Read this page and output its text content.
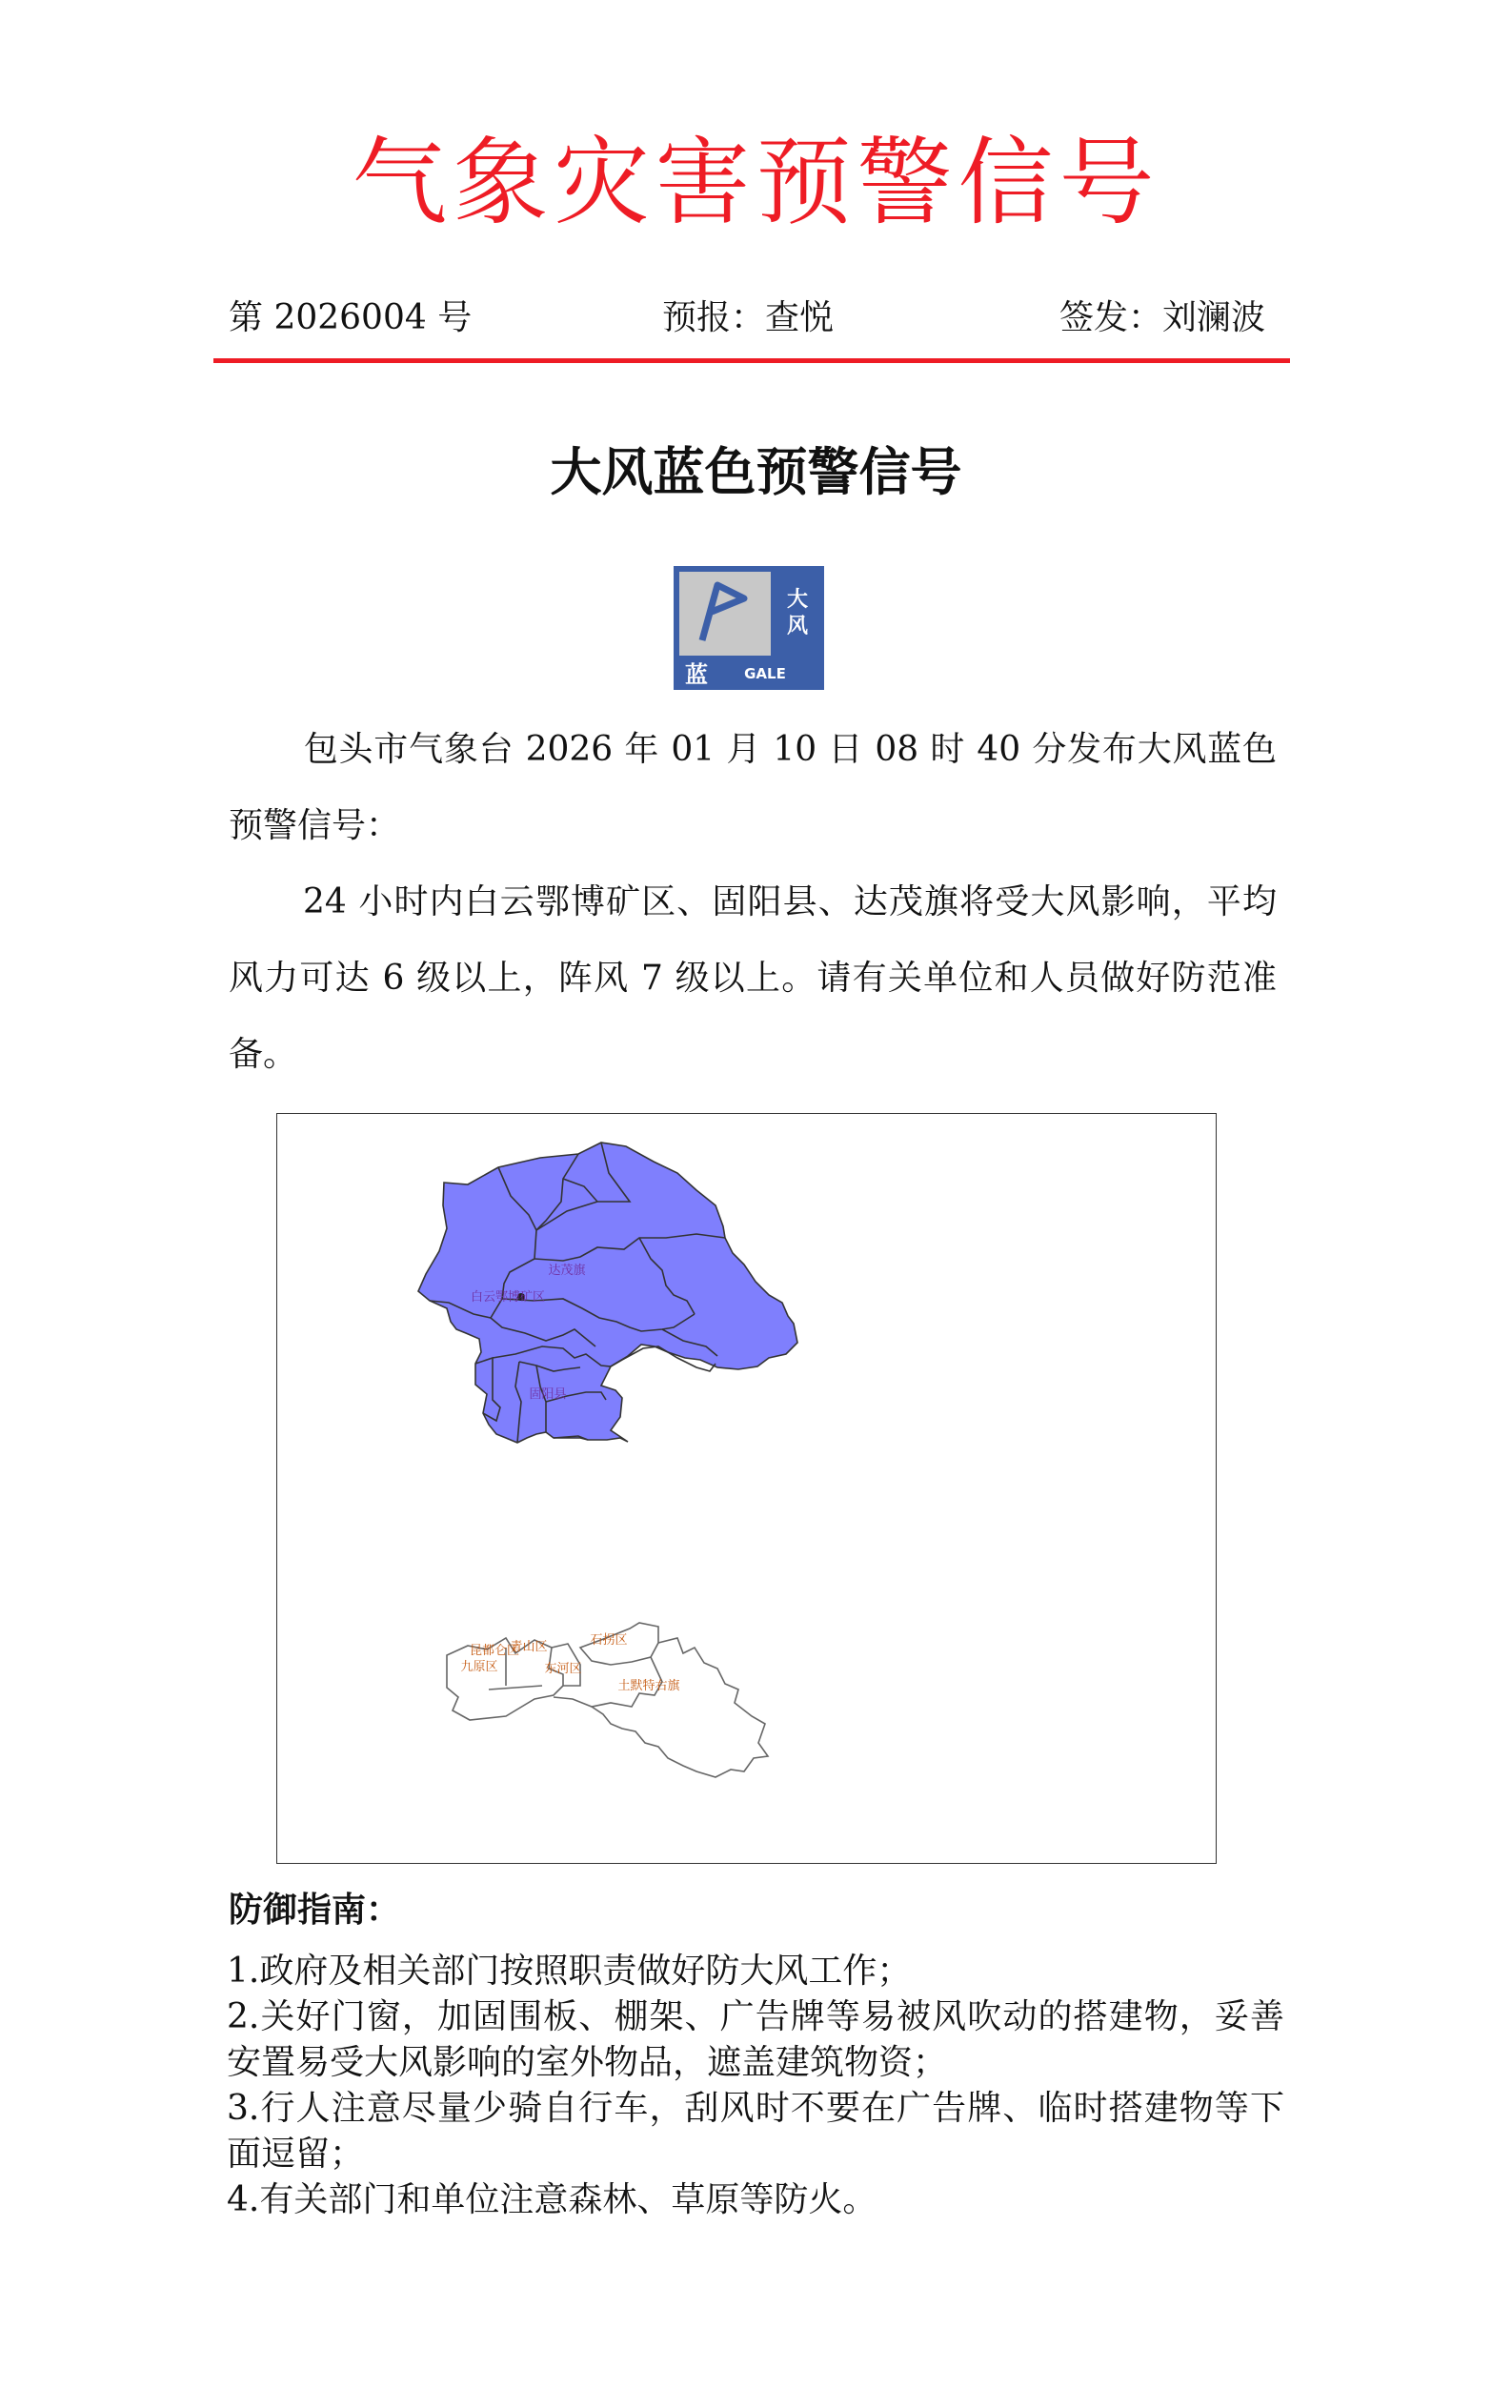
气象灾害预警信号
第 2026004 号	预报：查悦	签发：刘澜波
大风蓝色预警信号
大
风
蓝	GALE
包头市气象台 2026 年 01 月 10 日 08 时 40 分发布大风蓝色预警信号：
24 小时内白云鄂博矿区、固阳县、达茂旗将受大风影响，平均风力可达 6 级以上，阵风 7 级以上。请有关单位和人员做好防范准备。
达茂旗
白云鄂博矿区
固阳县
昆都仑区
青山区	石拐区
九原区	东河区
土默特右旗
防御指南：
1.政府及相关部门按照职责做好防大风工作；
2.关好门窗，加固围板、棚架、广告牌等易被风吹动的搭建物，妥善安置易受大风影响的室外物品，遮盖建筑物资；
3.行人注意尽量少骑自行车，刮风时不要在广告牌、临时搭建物等下面逗留；
4.有关部门和单位注意森林、草原等防火。
